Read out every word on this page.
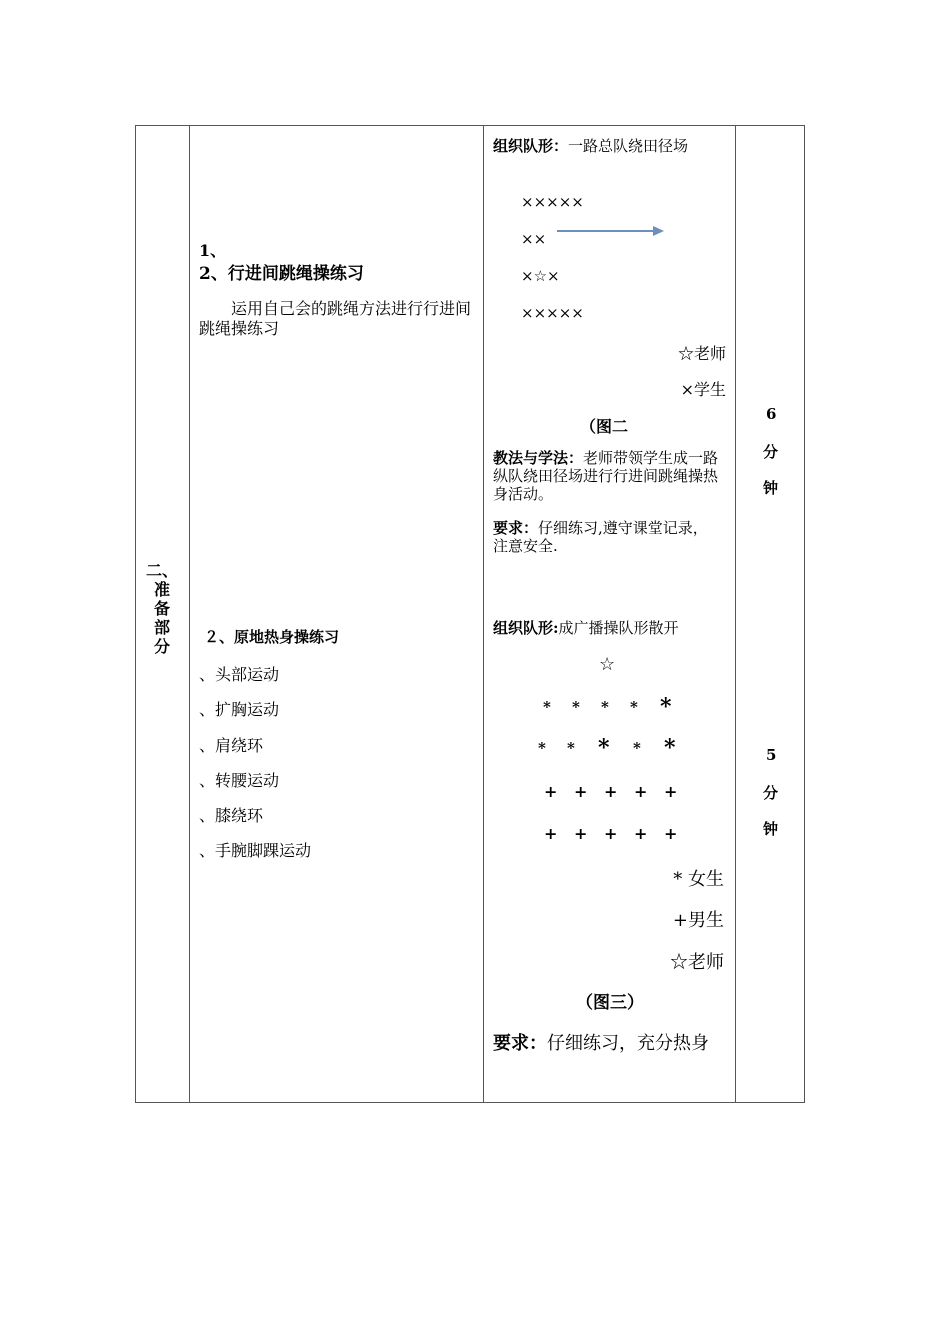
二、
准
备
部
分
1、
2、行进间跳绳操练习
运用自己会的跳绳方法进行行进间跳绳操练习
２、原地热身操练习
、头部运动
、扩胸运动
、肩绕环
、转腰运动
、膝绕环
、手腕脚踝运动
组织队形：一路总队绕田径场
×××××
××
×☆×
×××××
☆老师
×学生
（图二
教法与学法：老师带领学生成一路纵队绕田径场进行行进间跳绳操热身活动。
要求：仔细练习,遵守课堂记录，注意安全.
组织队形:成广播操队形散开
☆
* * * * *
* * * * *
+ + + + +
+ + + + +
* 女生
+男生
☆老师
（图三）
要求：仔细练习，充分热身
6
分
钟
5
分
钟
